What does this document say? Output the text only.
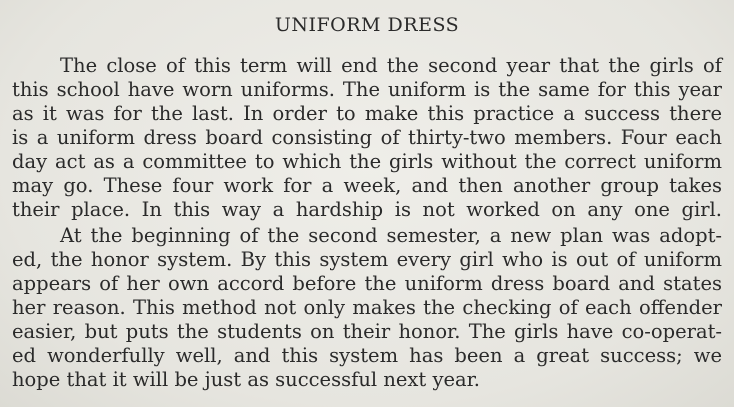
UNIFORM DRESS

The close of this term will end the second year that the girls of

this school have worn uniforms. The uniform is the same for this year

as it was for the last. In order to make this practice a success there

is a uniform dress board consisting of thirty-two members. Four each

day act as a committee to which the girls without the correct uniform

may go. These four work for a week, and then another group takes

their place. In this way a hardship is not worked on any one girl.

At the beginning of the second semester, a new plan was adopt-

ed, the honor system. By this system every girl who is out of uniform

appears of her own accord before the uniform dress board and states

her reason. This method not only makes the checking of each offender

easier, but puts the students on their honor. The girls have co-operat-

ed wonderfully well, and this system has been a great success; we

hope that it will be just as successful next year.
